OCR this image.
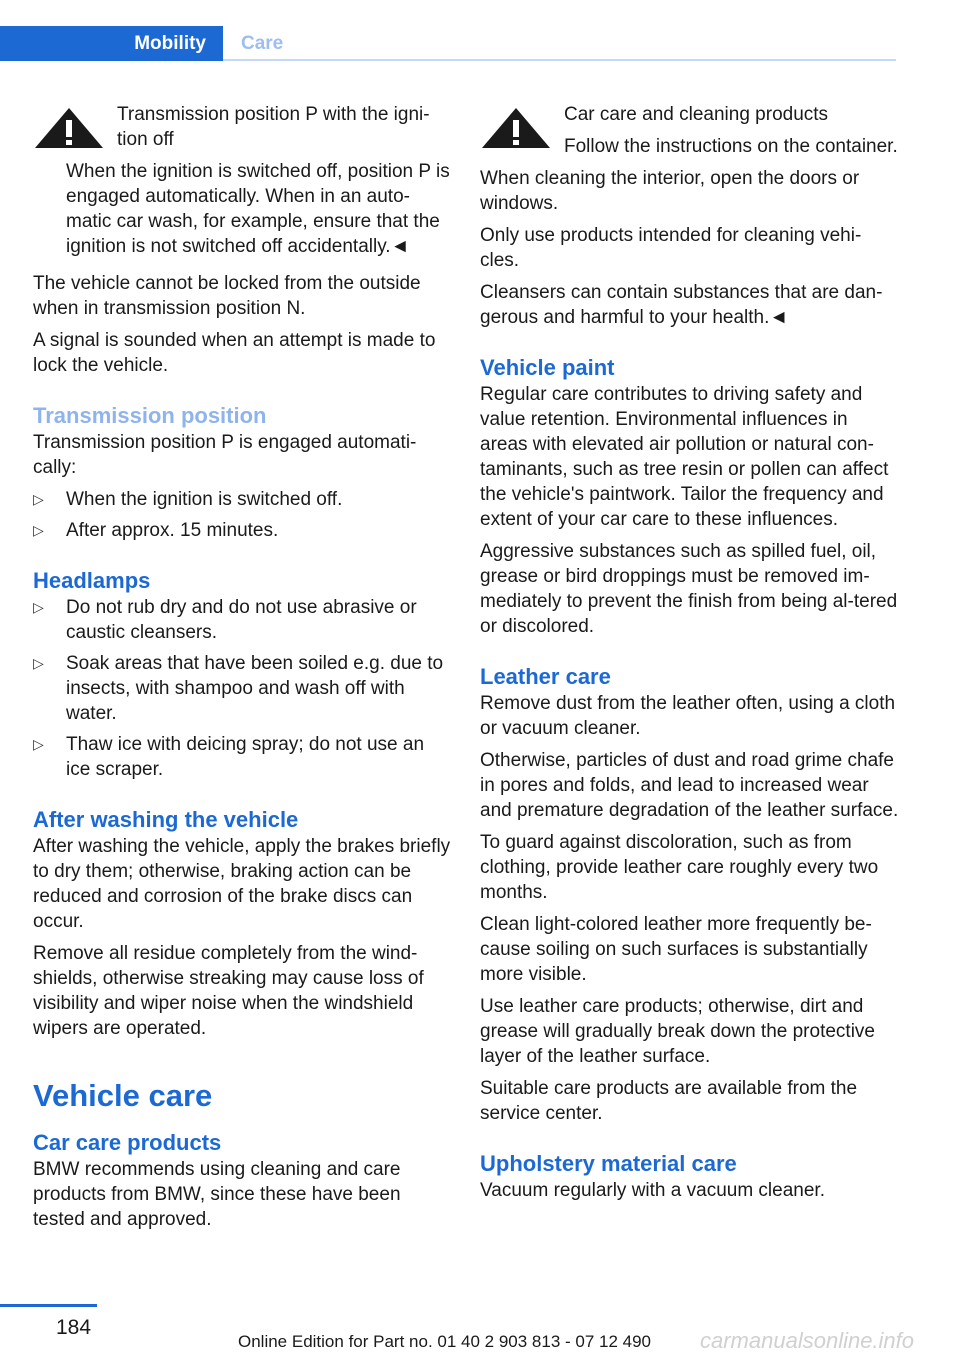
Mobility	Care

Transmission position P with the igni-tion off

When the ignition is switched off, position P is engaged automatically. When in an auto-matic car wash, for example, ensure that the ignition is not switched off accidentally.◄

The vehicle cannot be locked from the outside when in transmission position N.

A signal is sounded when an attempt is made to lock the vehicle.

Transmission position

Transmission position P is engaged automati-cally:

▷ When the ignition is switched off.
▷ After approx. 15 minutes.
Headlamps
▷ Do not rub dry and do not use abrasive or caustic cleansers.
▷ Soak areas that have been soiled e.g. due to insects, with shampoo and wash off with water.
▷ Thaw ice with deicing spray; do not use an ice scraper.
After washing the vehicle

After washing the vehicle, apply the brakes briefly to dry them; otherwise, braking action can be reduced and corrosion of the brake discs can occur.

Remove all residue completely from the wind-shields, otherwise streaking may cause loss of visibility and wiper noise when the windshield wipers are operated.

Vehicle care
Car care products

BMW recommends using cleaning and care products from BMW, since these have been tested and approved.

Car care and cleaning products

Follow the instructions on the container.

When cleaning the interior, open the doors or windows.

Only use products intended for cleaning vehi-cles.

Cleansers can contain substances that are dan-gerous and harmful to your health.◄

Vehicle paint

Regular care contributes to driving safety and value retention. Environmental influences in areas with elevated air pollution or natural con-taminants, such as tree resin or pollen can affect the vehicle's paintwork. Tailor the frequency and extent of your car care to these influences.

Aggressive substances such as spilled fuel, oil, grease or bird droppings must be removed im-mediately to prevent the finish from being al-tered or discolored.

Leather care

Remove dust from the leather often, using a cloth or vacuum cleaner.

Otherwise, particles of dust and road grime chafe in pores and folds, and lead to increased wear and premature degradation of the leather surface.

To guard against discoloration, such as from clothing, provide leather care roughly every two months.

Clean light-colored leather more frequently be-cause soiling on such surfaces is substantially more visible.

Use leather care products; otherwise, dirt and grease will gradually break down the protective layer of the leather surface.

Suitable care products are available from the service center.

Upholstery material care

Vacuum regularly with a vacuum cleaner.

184
Online Edition for Part no. 01 40 2 903 813 - 07 12 490 carmanualsonline.info
